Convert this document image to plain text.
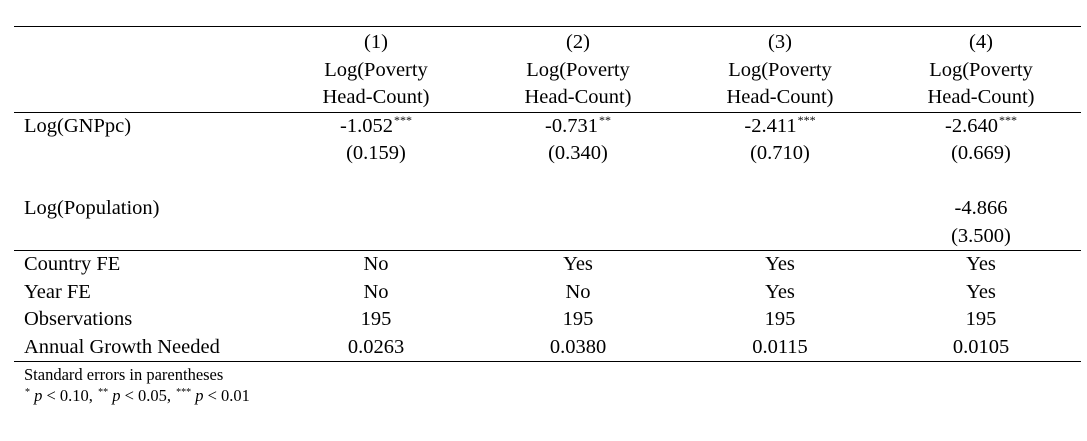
	(1)	(2)	(3)	(4)
	Log(Poverty	Log(Poverty	Log(Poverty	Log(Poverty
	Head-Count)	Head-Count)	Head-Count)	Head-Count)
Log(GNPpc)	-1.052***	-0.731**	-2.411***	-2.640***
	(0.159)	(0.340)	(0.710)	(0.669)

Log(Population)				-4.866
				(3.500)
Country FE	No	Yes	Yes	Yes
Year FE	No	No	Yes	Yes
Observations	195	195	195	195
Annual Growth Needed	0.0263	0.0380	0.0115	0.0105
Standard errors in parentheses
* p < 0.10, ** p < 0.05, *** p < 0.01
